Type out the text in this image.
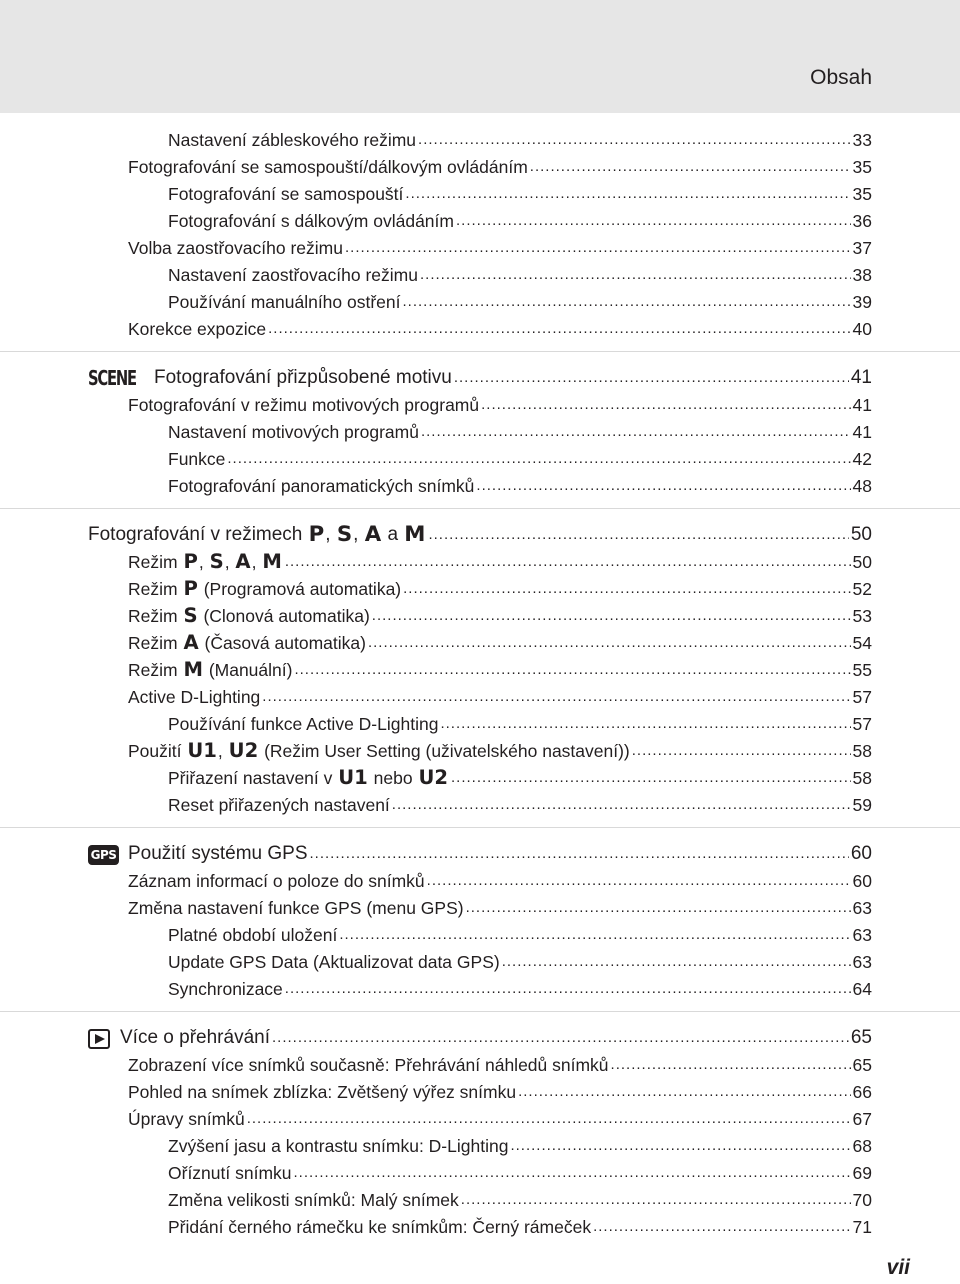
Obsah
Nastavení zábleskového režimu .....	33
Fotografování se samospouští/dálkovým ovládáním .....	35
Fotografování se samospouští .....	35
Fotografování s dálkovým ovládáním .....	36
Volba zaostřovacího režimu .....	37
Nastavení zaostřovacího režimu .....	38
Používání manuálního ostření .....	39
Korekce expozice .....	40
SCENE Fotografování přizpůsobené motivu .....	41
Fotografování v režimu motivových programů .....	41
Nastavení motivových programů .....	41
Funkce .....	42
Fotografování panoramatických snímků .....	48
Fotografování v režimech P , S , A a M .....	50
Režim P , S , A , M .....	50
Režim P (Programová automatika) .....	52
Režim S (Clonová automatika) .....	53
Režim A (Časová automatika) .....	54
Režim M (Manuální) .....	55
Active D-Lighting .....	57
Používání funkce Active D-Lighting .....	57
Použití U1 , U2 (Režim User Setting (uživatelského nastavení)) .....	58
Přiřazení nastavení v U1 nebo U2 .....	58
Reset přiřazených nastavení .....	59
GPS Použití systému GPS .....	60
Záznam informací o poloze do snímků .....	60
Změna nastavení funkce GPS (menu GPS) .....	63
Platné období uložení .....	63
Update GPS Data (Aktualizovat data GPS) .....	63
Synchronizace .....	64
Více o přehrávání .....	65
Zobrazení více snímků současně: Přehrávání náhledů snímků .....	65
Pohled na snímek zblízka: Zvětšený výřez snímku .....	66
Úpravy snímků .....	67
Zvýšení jasu a kontrastu snímku: D-Lighting .....	68
Oříznutí snímku .....	69
Změna velikosti snímků: Malý snímek .....	70
Přidání černého rámečku ke snímkům: Černý rámeček .....	71
vii
